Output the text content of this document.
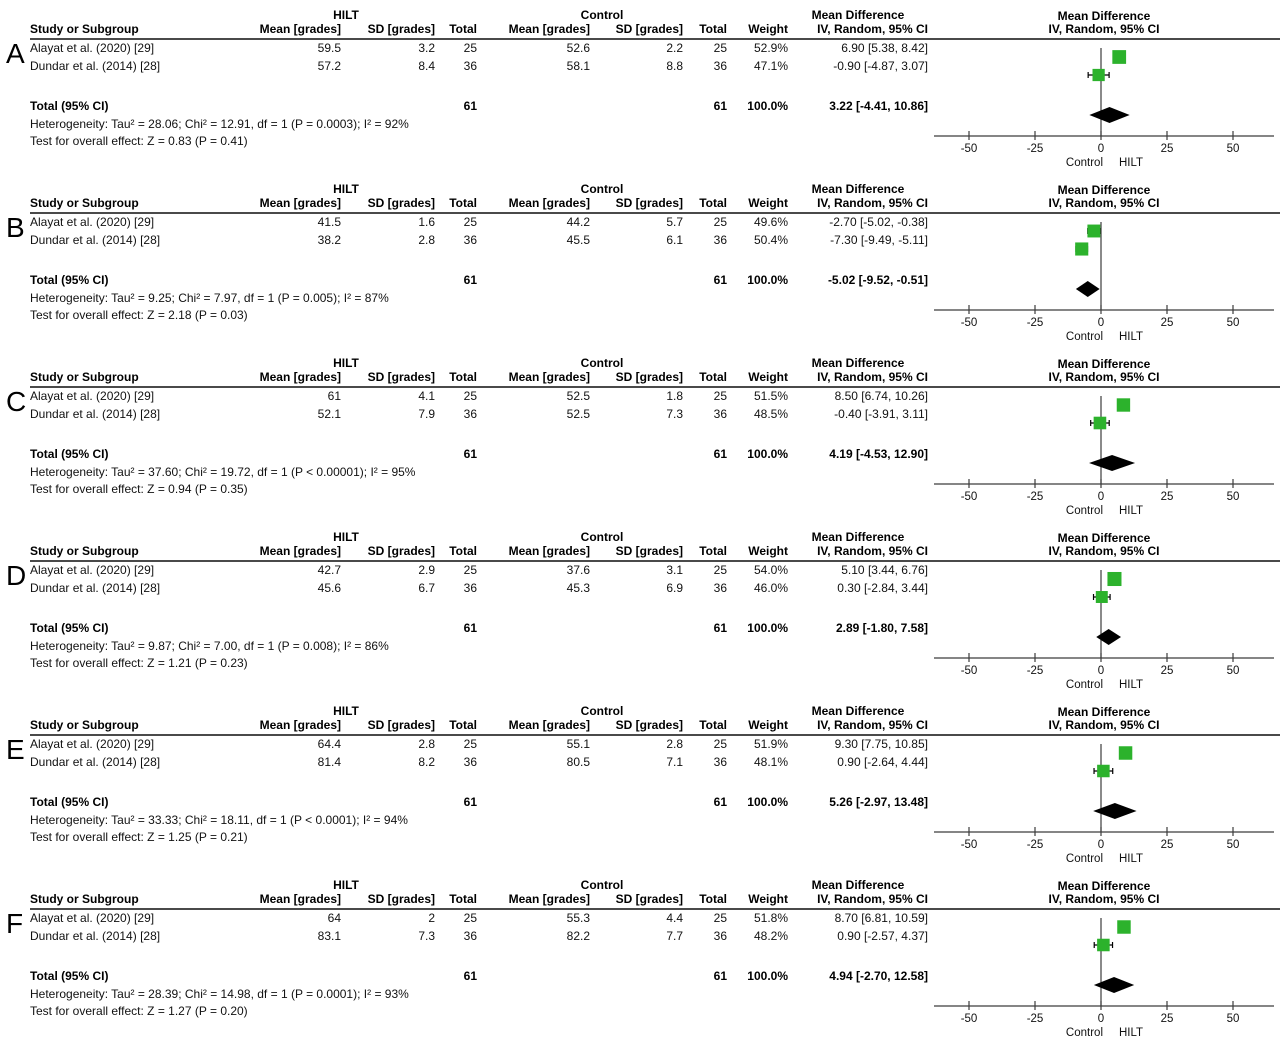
A
HILT	Control	Mean Difference	Mean Difference
IV, Random, 95% CI
Study or Subgroup	Mean [grades]	SD [grades]	Total	Mean [grades]	SD [grades]	Total	Weight	IV, Random, 95% CI
Alayat et al. (2020) [29]	59.5	3.2	25	52.6	2.2	25	52.9%	6.90 [5.38, 8.42]
Dundar et al. (2014) [28]	57.2	8.4	36	58.1	8.8	36	47.1%	-0.90 [-4.87, 3.07]
Total (95% CI)	61	61	100.0%	3.22 [-4.41, 10.86]
Heterogeneity: Tau² = 28.06; Chi² = 12.91, df = 1 (P = 0.0003); I² = 92%
Test for overall effect: Z = 0.83 (P = 0.41)
-50	-25	0	25	50
Control HILT
B
HILT	Control	Mean Difference	Mean Difference
IV, Random, 95% CI
Study or Subgroup	Mean [grades]	SD [grades]	Total	Mean [grades]	SD [grades]	Total	Weight	IV, Random, 95% CI
Alayat et al. (2020) [29]	41.5	1.6	25	44.2	5.7	25	49.6%	-2.70 [-5.02, -0.38]
Dundar et al. (2014) [28]	38.2	2.8	36	45.5	6.1	36	50.4%	-7.30 [-9.49, -5.11]
Total (95% CI)	61	61	100.0%	-5.02 [-9.52, -0.51]
Heterogeneity: Tau² = 9.25; Chi² = 7.97, df = 1 (P = 0.005); I² = 87%
Test for overall effect: Z = 2.18 (P = 0.03)
-50	-25	0	25	50
Control HILT
C
HILT	Control	Mean Difference	Mean Difference
IV, Random, 95% CI
Study or Subgroup	Mean [grades]	SD [grades]	Total	Mean [grades]	SD [grades]	Total	Weight	IV, Random, 95% CI
Alayat et al. (2020) [29]	61	4.1	25	52.5	1.8	25	51.5%	8.50 [6.74, 10.26]
Dundar et al. (2014) [28]	52.1	7.9	36	52.5	7.3	36	48.5%	-0.40 [-3.91, 3.11]
Total (95% CI)	61	61	100.0%	4.19 [-4.53, 12.90]
Heterogeneity: Tau² = 37.60; Chi² = 19.72, df = 1 (P < 0.00001); I² = 95%
Test for overall effect: Z = 0.94 (P = 0.35)
-50	-25	0	25	50
Control HILT
D
HILT	Control	Mean Difference	Mean Difference
IV, Random, 95% CI
Study or Subgroup	Mean [grades]	SD [grades]	Total	Mean [grades]	SD [grades]	Total	Weight	IV, Random, 95% CI
Alayat et al. (2020) [29]	42.7	2.9	25	37.6	3.1	25	54.0%	5.10 [3.44, 6.76]
Dundar et al. (2014) [28]	45.6	6.7	36	45.3	6.9	36	46.0%	0.30 [-2.84, 3.44]
Total (95% CI)	61	61	100.0%	2.89 [-1.80, 7.58]
Heterogeneity: Tau² = 9.87; Chi² = 7.00, df = 1 (P = 0.008); I² = 86%
Test for overall effect: Z = 1.21 (P = 0.23)
-50	-25	0	25	50
Control HILT
E
HILT	Control	Mean Difference	Mean Difference
IV, Random, 95% CI
Study or Subgroup	Mean [grades]	SD [grades]	Total	Mean [grades]	SD [grades]	Total	Weight	IV, Random, 95% CI
Alayat et al. (2020) [29]	64.4	2.8	25	55.1	2.8	25	51.9%	9.30 [7.75, 10.85]
Dundar et al. (2014) [28]	81.4	8.2	36	80.5	7.1	36	48.1%	0.90 [-2.64, 4.44]
Total (95% CI)	61	61	100.0%	5.26 [-2.97, 13.48]
Heterogeneity: Tau² = 33.33; Chi² = 18.11, df = 1 (P < 0.0001); I² = 94%
Test for overall effect: Z = 1.25 (P = 0.21)
-50	-25	0	25	50
Control HILT
F
HILT	Control	Mean Difference	Mean Difference
IV, Random, 95% CI
Study or Subgroup	Mean [grades]	SD [grades]	Total	Mean [grades]	SD [grades]	Total	Weight	IV, Random, 95% CI
Alayat et al. (2020) [29]	64	2	25	55.3	4.4	25	51.8%	8.70 [6.81, 10.59]
Dundar et al. (2014) [28]	83.1	7.3	36	82.2	7.7	36	48.2%	0.90 [-2.57, 4.37]
Total (95% CI)	61	61	100.0%	4.94 [-2.70, 12.58]
Heterogeneity: Tau² = 28.39; Chi² = 14.98, df = 1 (P = 0.0001); I² = 93%
Test for overall effect: Z = 1.27 (P = 0.20)
-50	-25	0	25	50
Control HILT
